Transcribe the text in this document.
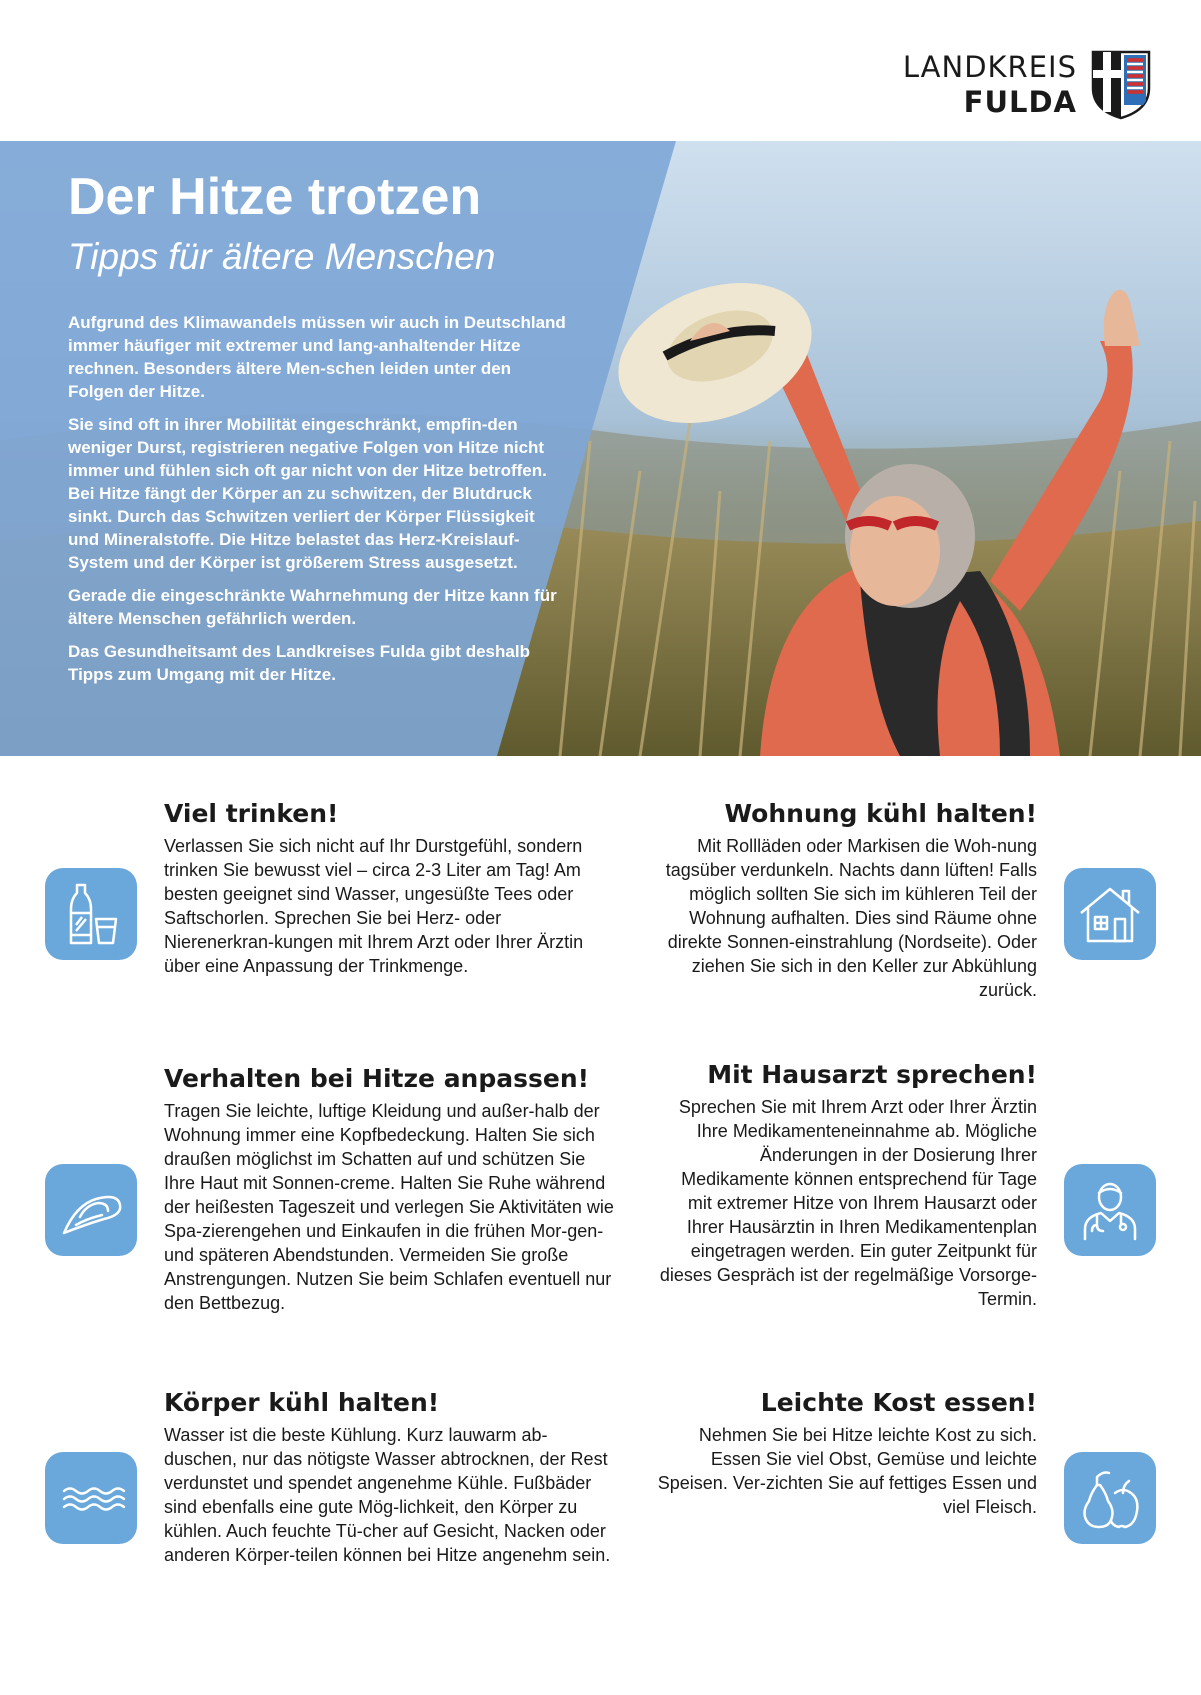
LANDKREIS
FULDA
Der Hitze trotzen
Tipps für ältere Menschen

Aufgrund des Klimawandels müssen wir auch in Deutschland immer häufiger mit extremer und lang-anhaltender Hitze rechnen. Besonders ältere Men-schen leiden unter den Folgen der Hitze.

Sie sind oft in ihrer Mobilität eingeschränkt, empfin-den weniger Durst, registrieren negative Folgen von Hitze nicht immer und fühlen sich oft gar nicht von der Hitze betroffen. Bei Hitze fängt der Körper an zu schwitzen, der Blutdruck sinkt. Durch das Schwitzen verliert der Körper Flüssigkeit und Mineralstoffe. Die Hitze belastet das Herz-Kreislauf-System und der Körper ist größerem Stress ausgesetzt.

Gerade die eingeschränkte Wahrnehmung der Hitze kann für ältere Menschen gefährlich werden.

Das Gesundheitsamt des Landkreises Fulda gibt deshalb Tipps zum Umgang mit der Hitze.

Viel trinken!

Verlassen Sie sich nicht auf Ihr Durstgefühl, sondern trinken Sie bewusst viel – circa 2-3 Liter am Tag! Am besten geeignet sind Wasser, ungesüßte Tees oder Saftschorlen. Sprechen Sie bei Herz- oder Nierenerkran-kungen mit Ihrem Arzt oder Ihrer Ärztin über eine Anpassung der Trinkmenge.

Wohnung kühl halten!

Mit Rollläden oder Markisen die Woh-nung tagsüber verdunkeln. Nachts dann lüften! Falls möglich sollten Sie sich im kühleren Teil der Wohnung aufhalten. Dies sind Räume ohne direkte Sonnen-einstrahlung (Nordseite). Oder ziehen Sie sich in den Keller zur Abkühlung zurück.

Verhalten bei Hitze anpassen!

Tragen Sie leichte, luftige Kleidung und außer-halb der Wohnung immer eine Kopfbedeckung. Halten Sie sich draußen möglichst im Schatten auf und schützen Sie Ihre Haut mit Sonnen-creme. Halten Sie Ruhe während der heißesten Tageszeit und verlegen Sie Aktivitäten wie Spa-zierengehen und Einkaufen in die frühen Mor-gen- und späteren Abendstunden. Vermeiden Sie große Anstrengungen. Nutzen Sie beim Schlafen eventuell nur den Bettbezug.

Mit Hausarzt sprechen!

Sprechen Sie mit Ihrem Arzt oder Ihrer Ärztin Ihre Medikamenteneinnahme ab. Mögliche Änderungen in der Dosierung Ihrer Medikamente können entsprechend für Tage mit extremer Hitze von Ihrem Hausarzt oder Ihrer Hausärztin in Ihren Medikamentenplan eingetragen werden. Ein guter Zeitpunkt für dieses Gespräch ist der regelmäßige Vorsorge-Termin.

Körper kühl halten!

Wasser ist die beste Kühlung. Kurz lauwarm ab-duschen, nur das nötigste Wasser abtrocknen, der Rest verdunstet und spendet angenehme Kühle. Fußbäder sind ebenfalls eine gute Mög-lichkeit, den Körper zu kühlen. Auch feuchte Tü-cher auf Gesicht, Nacken oder anderen Körper-teilen können bei Hitze angenehm sein.

Leichte Kost essen!

Nehmen Sie bei Hitze leichte Kost zu sich. Essen Sie viel Obst, Gemüse und leichte Speisen. Ver-zichten Sie auf fettiges Essen und viel Fleisch.
